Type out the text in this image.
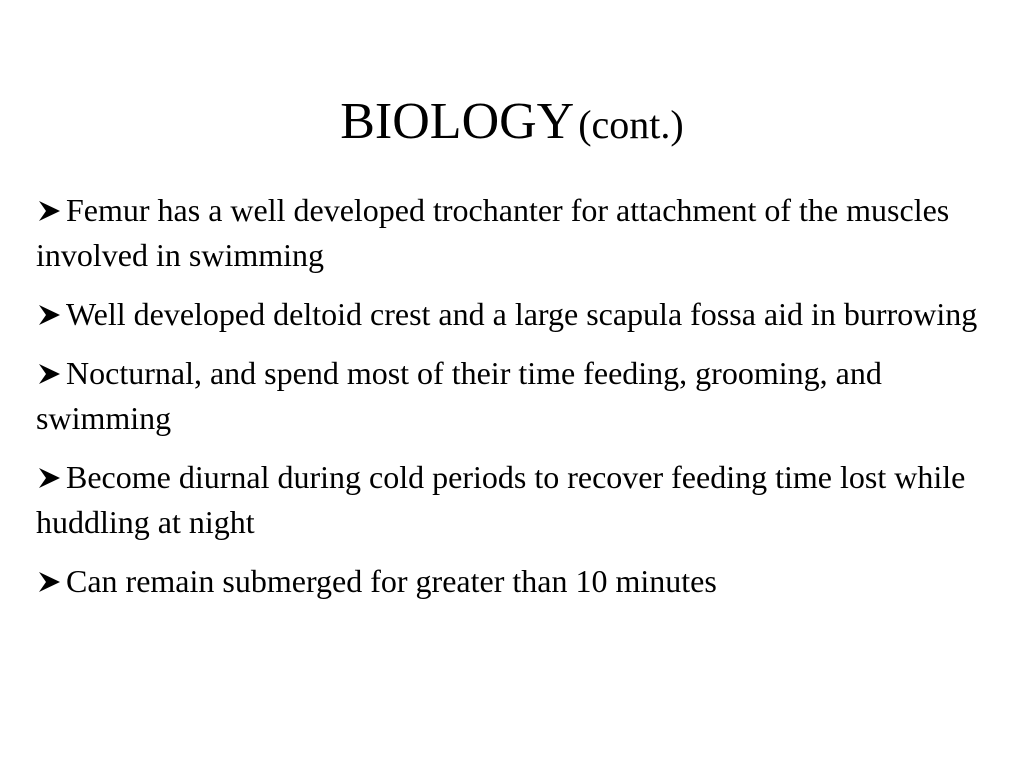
BIOLOGY (cont.)
Femur has a well developed trochanter for attachment of the muscles involved in swimming
Well developed deltoid crest and a large scapula fossa aid in burrowing
Nocturnal, and spend most of their time feeding, grooming, and swimming
Become diurnal during cold periods to recover feeding time lost while huddling at night
Can remain submerged for greater than 10 minutes
